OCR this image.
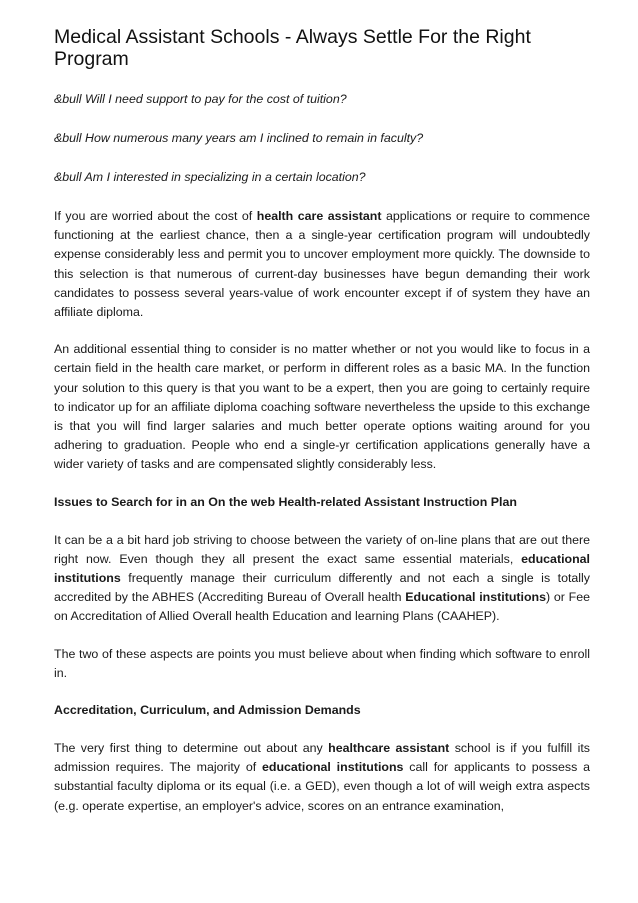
Medical Assistant Schools - Always Settle For the Right Program

&bull Will I need support to pay for the cost of tuition?

&bull How numerous many years am I inclined to remain in faculty?

&bull Am I interested in specializing in a certain location?

If you are worried about the cost of health care assistant applications or require to commence functioning at the earliest chance, then a a single-year certification program will undoubtedly expense considerably less and permit you to uncover employment more quickly. The downside to this selection is that numerous of current-day businesses have begun demanding their work candidates to possess several years-value of work encounter except if of system they have an affiliate diploma.

An additional essential thing to consider is no matter whether or not you would like to focus in a certain field in the health care market, or perform in different roles as a basic MA. In the function your solution to this query is that you want to be a expert, then you are going to certainly require to indicator up for an affiliate diploma coaching software nevertheless the upside to this exchange is that you will find larger salaries and much better operate options waiting around for you adhering to graduation. People who end a single-yr certification applications generally have a wider variety of tasks and are compensated slightly considerably less.

Issues to Search for in an On the web Health-related Assistant Instruction Plan

It can be a a bit hard job striving to choose between the variety of on-line plans that are out there right now. Even though they all present the exact same essential materials, educational institutions frequently manage their curriculum differently and not each a single is totally accredited by the ABHES (Accrediting Bureau of Overall health Educational institutions) or Fee on Accreditation of Allied Overall health Education and learning Plans (CAAHEP).

The two of these aspects are points you must believe about when finding which software to enroll in.

Accreditation, Curriculum, and Admission Demands

The very first thing to determine out about any healthcare assistant school is if you fulfill its admission requires. The majority of educational institutions call for applicants to possess a substantial faculty diploma or its equal (i.e. a GED), even though a lot of will weigh extra aspects (e.g. operate expertise, an employer's advice, scores on an entrance examination,
